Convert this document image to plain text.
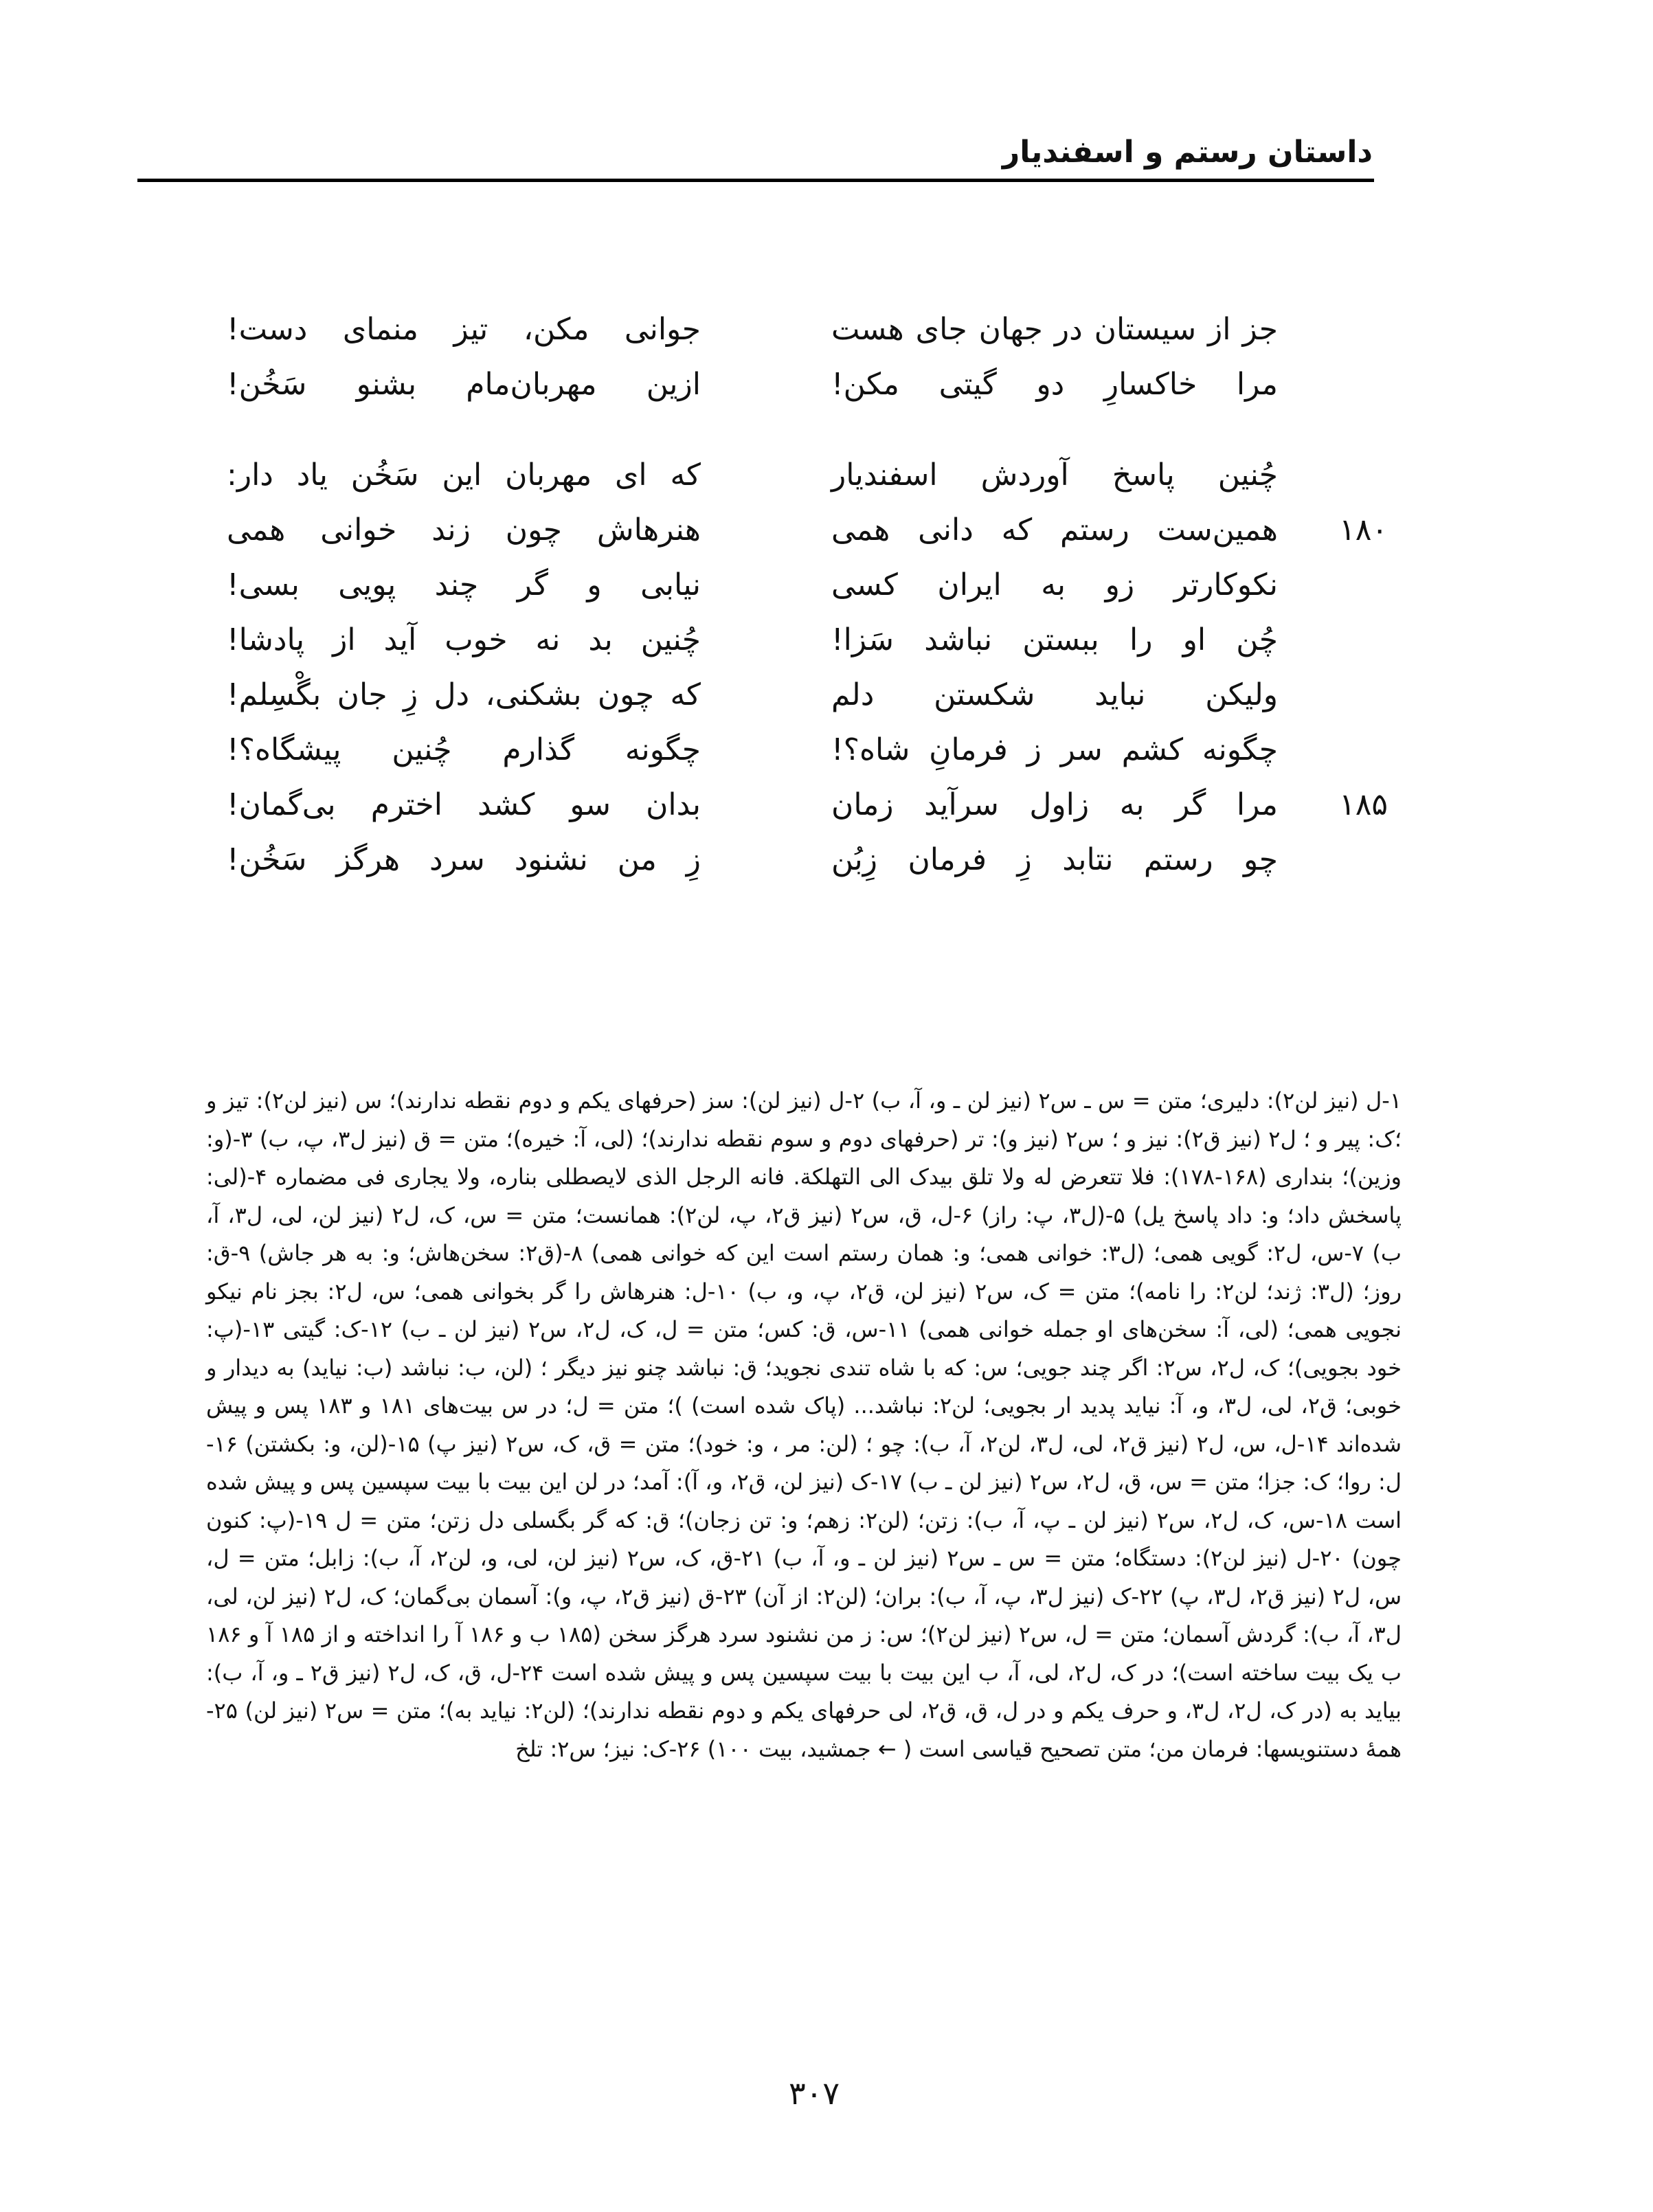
داستان رستم و اسفندیار
جز از سیستان در جهان جای هست
جوانی مکن، تیز منمای دست!
مرا خاکسارِ دو گیتی مکن!
ازین مهربان‌مام بشنو سَخُن!
چُنین پاسخ آوردش اسفندیار
که ای مهربان این سَخُن یاد دار:
۱۸۰
همین‌ست رستم که دانی همی
هنرهاش چون زند خوانی همی
نکوکارتر زو به ایران کسی
نیابی و گر چند پویی بسی!
چُن او را ببستن نباشد سَزا!
چُنین بد نه خوب آید از پادشا!
ولیکن نباید شکستن دلم
که چون بشکنی، دل زِ جان بگْسِلم!
چگونه کشم سر ز فرمانِ شاه؟!
چگونه گذارم چُنین پیشگاه؟!
۱۸۵
مرا گر به زاول سرآید زمان
بدان سو کشد اخترم بی‌گمان!
چو رستم نتابد زِ فرمان زِبُن
زِ من نشنود سرد هرگز سَخُن!
۱-ل (نیز لن۲): دلیری؛ متن = س ـ س۲ (نیز لن ـ و، آ، ب) ۲-ل (نیز لن): سز (حرفهای یکم و دوم نقطه ندارند)؛ س (نیز لن۲): تیز و ؛ک: پیر و ؛ ل۲ (نیز ق۲): نیز و ؛ س۲ (نیز و): تر (حرفهای دوم و سوم نقطه ندارند)؛ (لی، آ: خیره)؛ متن = ق (نیز ل۳، پ، ب) ۳-(و: وزین)؛ بنداری (۱۶۸-۱۷۸): فلا تتعرض له ولا تلق بیدک الی التهلکة. فانه الرجل الذی لایصطلی بناره، ولا یجاری فی مضماره ۴-(لی: پاسخش داد؛ و: داد پاسخ یل) ۵-(ل۳، پ: راز) ۶-ل، ق، س۲ (نیز ق۲، پ، لن۲): همانست؛ متن = س، ک، ل۲ (نیز لن، لی، ل۳، آ، ب) ۷-س، ل۲: گویی همی؛ (ل۳: خوانی همی؛ و: همان رستم است این که خوانی همی) ۸-(ق۲: سخن‌هاش؛ و: به هر جاش) ۹-ق: روز؛ (ل۳: ژند؛ لن۲: را نامه)؛ متن = ک، س۲ (نیز لن، ق۲، پ، و، ب) ۱۰-ل: هنرهاش را گر بخوانی همی؛ س، ل۲: بجز نام نیکو نجویی همی؛ (لی، آ: سخن‌های او جمله خوانی همی) ۱۱-س، ق: کس؛ متن = ل، ک، ل۲، س۲ (نیز لن ـ ب) ۱۲-ک: گیتی ۱۳-(پ: خود بجویی)؛ ک، ل۲، س۲: اگر چند جویی؛ س: که با شاه تندی نجوید؛ ق: نباشد چنو نیز دیگر ؛ (لن، ب: نباشد (ب: نیاید) به دیدار و خوبی؛ ق۲، لی، ل۳، و، آ: نیاید پدید ار بجویی؛ لن۲: نباشد... (پاک شده است) )؛ متن = ل؛ در س بیت‌های ۱۸۱ و ۱۸۳ پس و پیش شده‌اند ۱۴-ل، س، ل۲ (نیز ق۲، لی، ل۳، لن۲، آ، ب): چو ؛ (لن: مر ، و: خود)؛ متن = ق، ک، س۲ (نیز پ) ۱۵-(لن، و: بکشتن) ۱۶-ل: روا؛ ک: جزا؛ متن = س، ق، ل۲، س۲ (نیز لن ـ ب) ۱۷-ک (نیز لن، ق۲، و، آ): آمد؛ در لن این بیت با بیت سپسین پس و پیش شده است ۱۸-س، ک، ل۲، س۲ (نیز لن ـ پ، آ، ب): زتن؛ (لن۲: زهم؛ و: تن زجان)؛ ق: که گر بگسلی دل زتن؛ متن = ل ۱۹-(پ: کنون چون) ۲۰-ل (نیز لن۲): دستگاه؛ متن = س ـ س۲ (نیز لن ـ و، آ، ب) ۲۱-ق، ک، س۲ (نیز لن، لی، و، لن۲، آ، ب): زابل؛ متن = ل، س، ل۲ (نیز ق۲، ل۳، پ) ۲۲-ک (نیز ل۳، پ، آ، ب): بران؛ (لن۲: از آن) ۲۳-ق (نیز ق۲، پ، و): آسمان بی‌گمان؛ ک، ل۲ (نیز لن، لی، ل۳، آ، ب): گردش آسمان؛ متن = ل، س۲ (نیز لن۲)؛ س: ز من نشنود سرد هرگز سخن (۱۸۵ ب و ۱۸۶ آ را انداخته و از ۱۸۵ آ و ۱۸۶ ب یک بیت ساخته است)؛ در ک، ل۲، لی، آ، ب این بیت با بیت سپسین پس و پیش شده است ۲۴-ل، ق، ک، ل۲ (نیز ق۲ ـ و، آ، ب): بیاید به (در ک، ل۲، ل۳، و حرف یکم و در ل، ق، ق۲، لی حرفهای یکم و دوم نقطه ندارند)؛ (لن۲: نیاید به)؛ متن = س۲ (نیز لن) ۲۵-همهٔ دستنویسها: فرمان من؛ متن تصحیح قیاسی است ( ← جمشید، بیت ۱۰۰) ۲۶-ک: نیز؛ س۲: تلخ
۳۰۷
